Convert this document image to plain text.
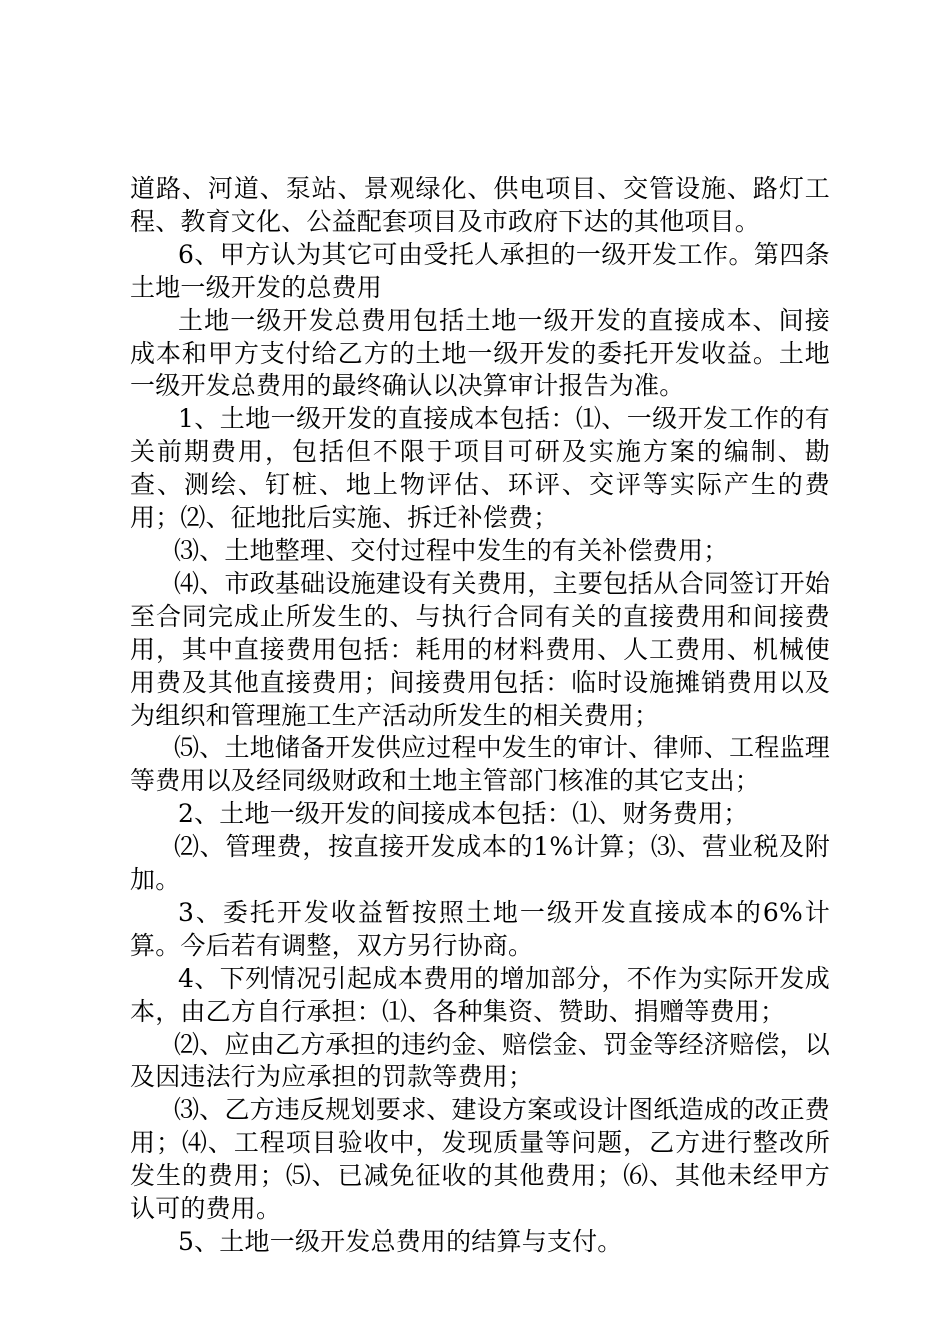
道路、河道、泵站、景观绿化、供电项目、交管设施、路灯工程、教育文化、公益配套项目及市政府下达的其他项目。

6、甲方认为其它可由受托人承担的一级开发工作。第四条 土地一级开发的总费用

土地一级开发总费用包括土地一级开发的直接成本、间接成本和甲方支付给乙方的土地一级开发的委托开发收益。土地一级开发总费用的最终确认以决算审计报告为准。

1、土地一级开发的直接成本包括：⑴、一级开发工作的有关前期费用，包括但不限于项目可研及实施方案的编制、勘查、测绘、钉桩、地上物评估、环评、交评等实际产生的费用；⑵、征地批后实施、拆迁补偿费；

⑶、土地整理、交付过程中发生的有关补偿费用；

⑷、市政基础设施建设有关费用，主要包括从合同签订开始至合同完成止所发生的、与执行合同有关的直接费用和间接费用，其中直接费用包括：耗用的材料费用、人工费用、机械使用费及其他直接费用；间接费用包括：临时设施摊销费用以及为组织和管理施工生产活动所发生的相关费用；

⑸、土地储备开发供应过程中发生的审计、律师、工程监理等费用以及经同级财政和土地主管部门核准的其它支出；

2、土地一级开发的间接成本包括：⑴、财务费用；

⑵、管理费，按直接开发成本的1%计算；⑶、营业税及附加。

3、委托开发收益暂按照土地一级开发直接成本的6%计算。今后若有调整，双方另行协商。

4、下列情况引起成本费用的增加部分，不作为实际开发成本，由乙方自行承担：⑴、各种集资、赞助、捐赠等费用；

⑵、应由乙方承担的违约金、赔偿金、罚金等经济赔偿，以及因违法行为应承担的罚款等费用；

⑶、乙方违反规划要求、建设方案或设计图纸造成的改正费用；⑷、工程项目验收中，发现质量等问题，乙方进行整改所发生的费用；⑸、已减免征收的其他费用；⑹、其他未经甲方认可的费用。

5、土地一级开发总费用的结算与支付。
